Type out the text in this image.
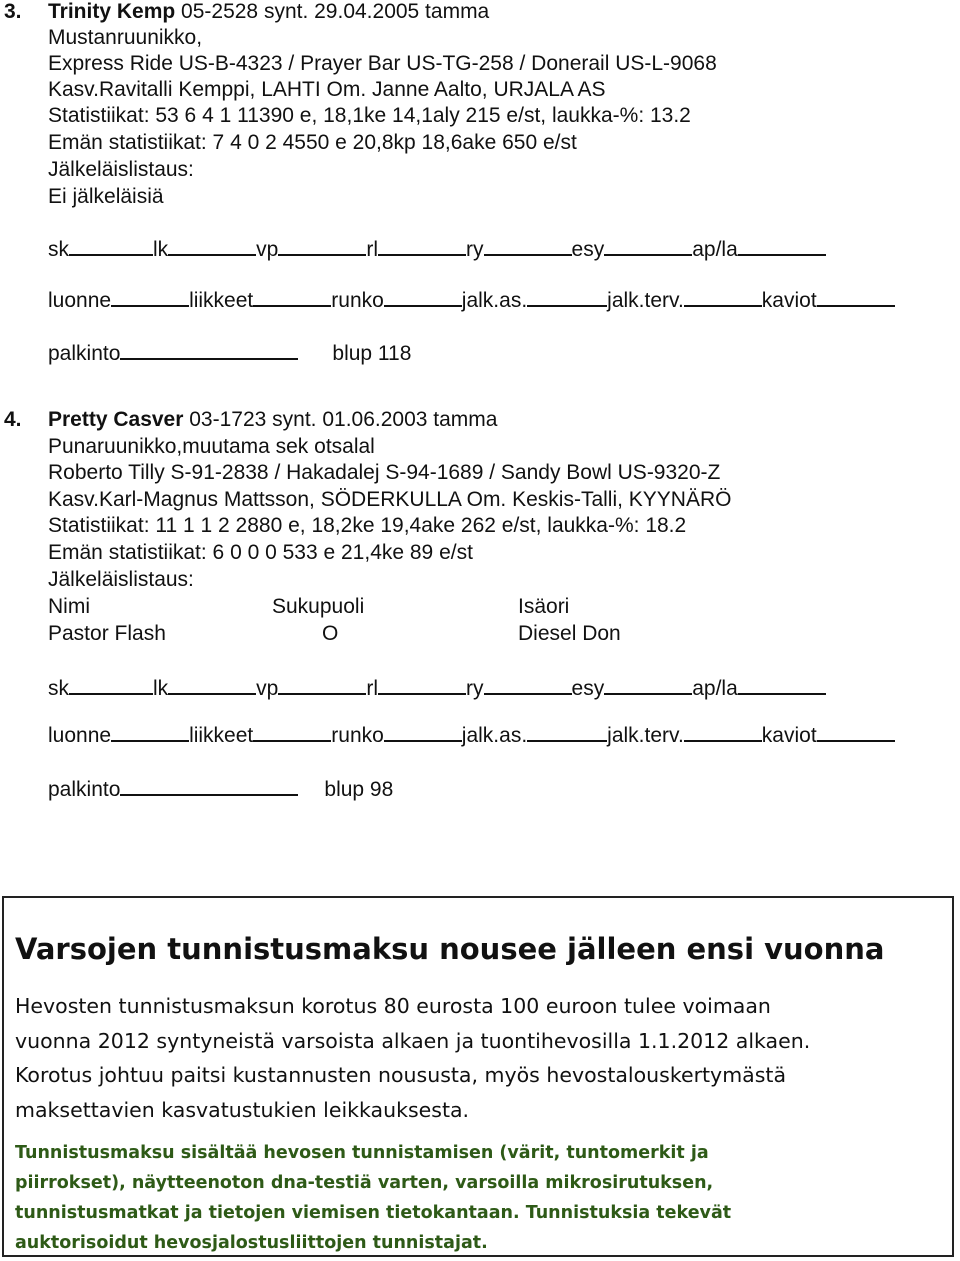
3. Trinity Kemp 05-2528 synt. 29.04.2005 tamma
Mustanruunikko,
Express Ride US-B-4323 / Prayer Bar US-TG-258 / Donerail US-L-9068
Kasv.Ravitalli Kemppi, LAHTI Om. Janne Aalto, URJALA AS
Statistiikat: 53 6 4 1 11390 e, 18,1ke 14,1aly 215 e/st, laukka-%: 13.2
Emän statistiikat: 7 4 0 2 4550 e 20,8kp 18,6ake 650 e/st
Jälkeläislistaus:
Ei jälkeläisiä
sk	lk	vp	rl	ry	esy	ap/la
luonne	liikkeet	runko	jalk.as.	jalk.terv.	kaviot
palkinto	blup 118
4. Pretty Casver 03-1723 synt. 01.06.2003 tamma
Punaruunikko,muutama sek otsalal
Roberto Tilly S-91-2838 / Hakadalej S-94-1689 / Sandy Bowl US-9320-Z
Kasv.Karl-Magnus Mattsson, SÖDERKULLA Om. Keskis-Talli, KYYNÄRÖ
Statistiikat: 11 1 1 2 2880 e, 18,2ke 19,4ake 262 e/st, laukka-%: 18.2
Emän statistiikat: 6 0 0 0 533 e 21,4ke 89 e/st
Jälkeläislistaus:
Nimi	Sukupuoli	Isäori
Pastor Flash	O	Diesel Don
sk	lk	vp	rl	ry	esy	ap/la
luonne	liikkeet	runko	jalk.as.	jalk.terv.	kaviot
palkinto	blup 98
Varsojen tunnistusmaksu nousee jälleen ensi vuonna
Hevosten tunnistusmaksun korotus 80 eurosta 100 euroon tulee voimaan
vuonna 2012 syntyneistä varsoista alkaen ja tuontihevosilla 1.1.2012 alkaen.
Korotus johtuu paitsi kustannusten noususta, myös hevostalouskertymästä
maksettavien kasvatustukien leikkauksesta.
Tunnistusmaksu sisältää hevosen tunnistamisen (värit, tuntomerkit ja
piirrokset), näytteenoton dna-testiä varten, varsoilla mikrosirutuksen,
tunnistusmatkat ja tietojen viemisen tietokantaan. Tunnistuksia tekevät
auktorisoidut hevosjalostusliittojen tunnistajat.
